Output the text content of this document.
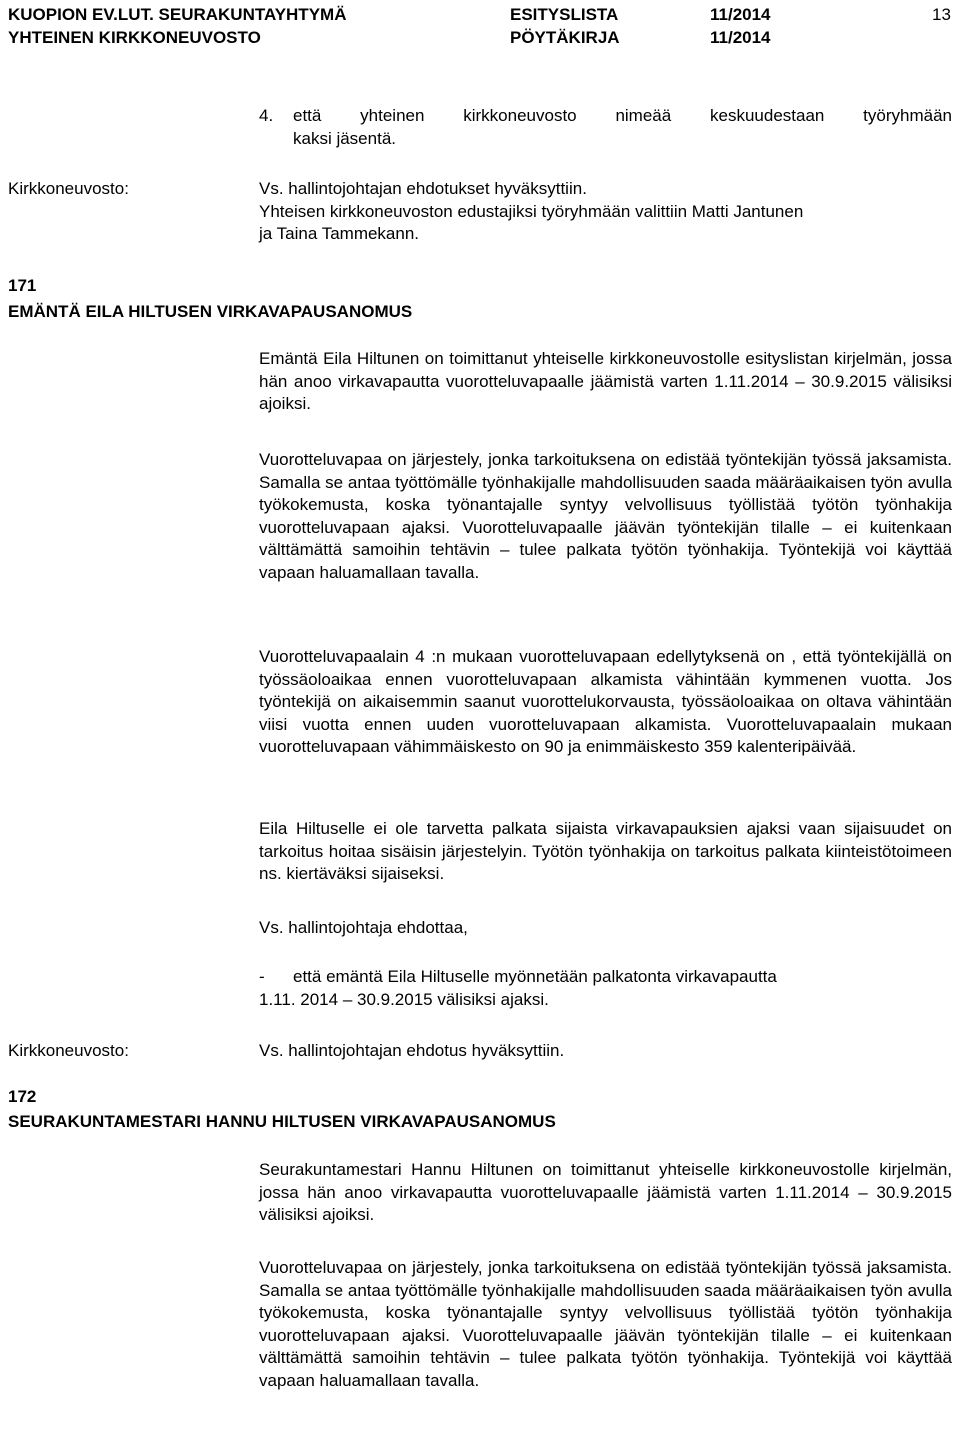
KUOPION EV.LUT. SEURAKUNTAYHTYMÄ
YHTEINEN KIRKKONEUVOSTO
ESITYSLISTA
PÖYTÄKIRJA
11/2014
11/2014
13
4. että yhteinen kirkkoneuvosto nimeää keskuudestaan työryhmään
kaksi jäsentä.
Kirkkoneuvosto:	Vs. hallintojohtajan ehdotukset hyväksyttiin.
Yhteisen kirkkoneuvoston edustajiksi työryhmään valittiin Matti Jantunen
ja Taina Tammekann.
171
EMÄNTÄ EILA HILTUSEN VIRKAVAPAUSANOMUS
Emäntä Eila Hiltunen on toimittanut yhteiselle kirkkoneuvostolle esityslistan kirjelmän, jossa hän anoo virkavapautta vuorotteluvapaalle jäämistä varten 1.11.2014 – 30.9.2015 välisiksi ajoiksi.
Vuorotteluvapaa on järjestely, jonka tarkoituksena on edistää työntekijän työssä jaksamista. Samalla se antaa työttömälle työnhakijalle mahdollisuuden saada määräaikaisen työn avulla työkokemusta, koska työnantajalle syntyy velvollisuus työllistää työtön työnhakija vuorotteluvapaan ajaksi. Vuorotteluvapaalle jäävän työntekijän tilalle – ei kuitenkaan välttämättä samoihin tehtävin – tulee palkata työtön työnhakija. Työntekijä voi käyttää vapaan haluamallaan tavalla.
Vuorotteluvapaalain 4 :n mukaan vuorotteluvapaan edellytyksenä on , että työntekijällä on työssäoloaikaa ennen vuorotteluvapaan alkamista vähintään kymmenen vuotta. Jos työntekijä on aikaisemmin saanut vuorottelukorvausta, työssäoloaikaa on oltava vähintään viisi vuotta ennen uuden vuorotteluvapaan alkamista. Vuorotteluvapaalain mukaan vuorotteluvapaan vähimmäiskesto on 90 ja enimmäiskesto 359 kalenteripäivää.
Eila Hiltuselle ei ole tarvetta palkata sijaista virkavapauksien ajaksi vaan sijaisuudet on tarkoitus hoitaa sisäisin järjestelyin. Työtön työnhakija on tarkoitus palkata kiinteistötoimeen ns. kiertäväksi sijaiseksi.
Vs. hallintojohtaja ehdottaa,
- että emäntä Eila Hiltuselle myönnetään palkatonta virkavapautta
1.11. 2014 – 30.9.2015 välisiksi ajaksi.
Kirkkoneuvosto:	Vs. hallintojohtajan ehdotus hyväksyttiin.
172
SEURAKUNTAMESTARI HANNU HILTUSEN VIRKAVAPAUSANOMUS
Seurakuntamestari Hannu Hiltunen on toimittanut yhteiselle kirkkoneuvostolle kirjelmän, jossa hän anoo virkavapautta vuorotteluvapaalle jäämistä varten 1.11.2014 – 30.9.2015 välisiksi ajoiksi.
Vuorotteluvapaa on järjestely, jonka tarkoituksena on edistää työntekijän työssä jaksamista. Samalla se antaa työttömälle työnhakijalle mahdollisuuden saada määräaikaisen työn avulla työkokemusta, koska työnantajalle syntyy velvollisuus työllistää työtön työnhakija vuorotteluvapaan ajaksi. Vuorotteluvapaalle jäävän työntekijän tilalle – ei kuitenkaan välttämättä samoihin tehtävin – tulee palkata työtön työnhakija. Työntekijä voi käyttää vapaan haluamallaan tavalla.
